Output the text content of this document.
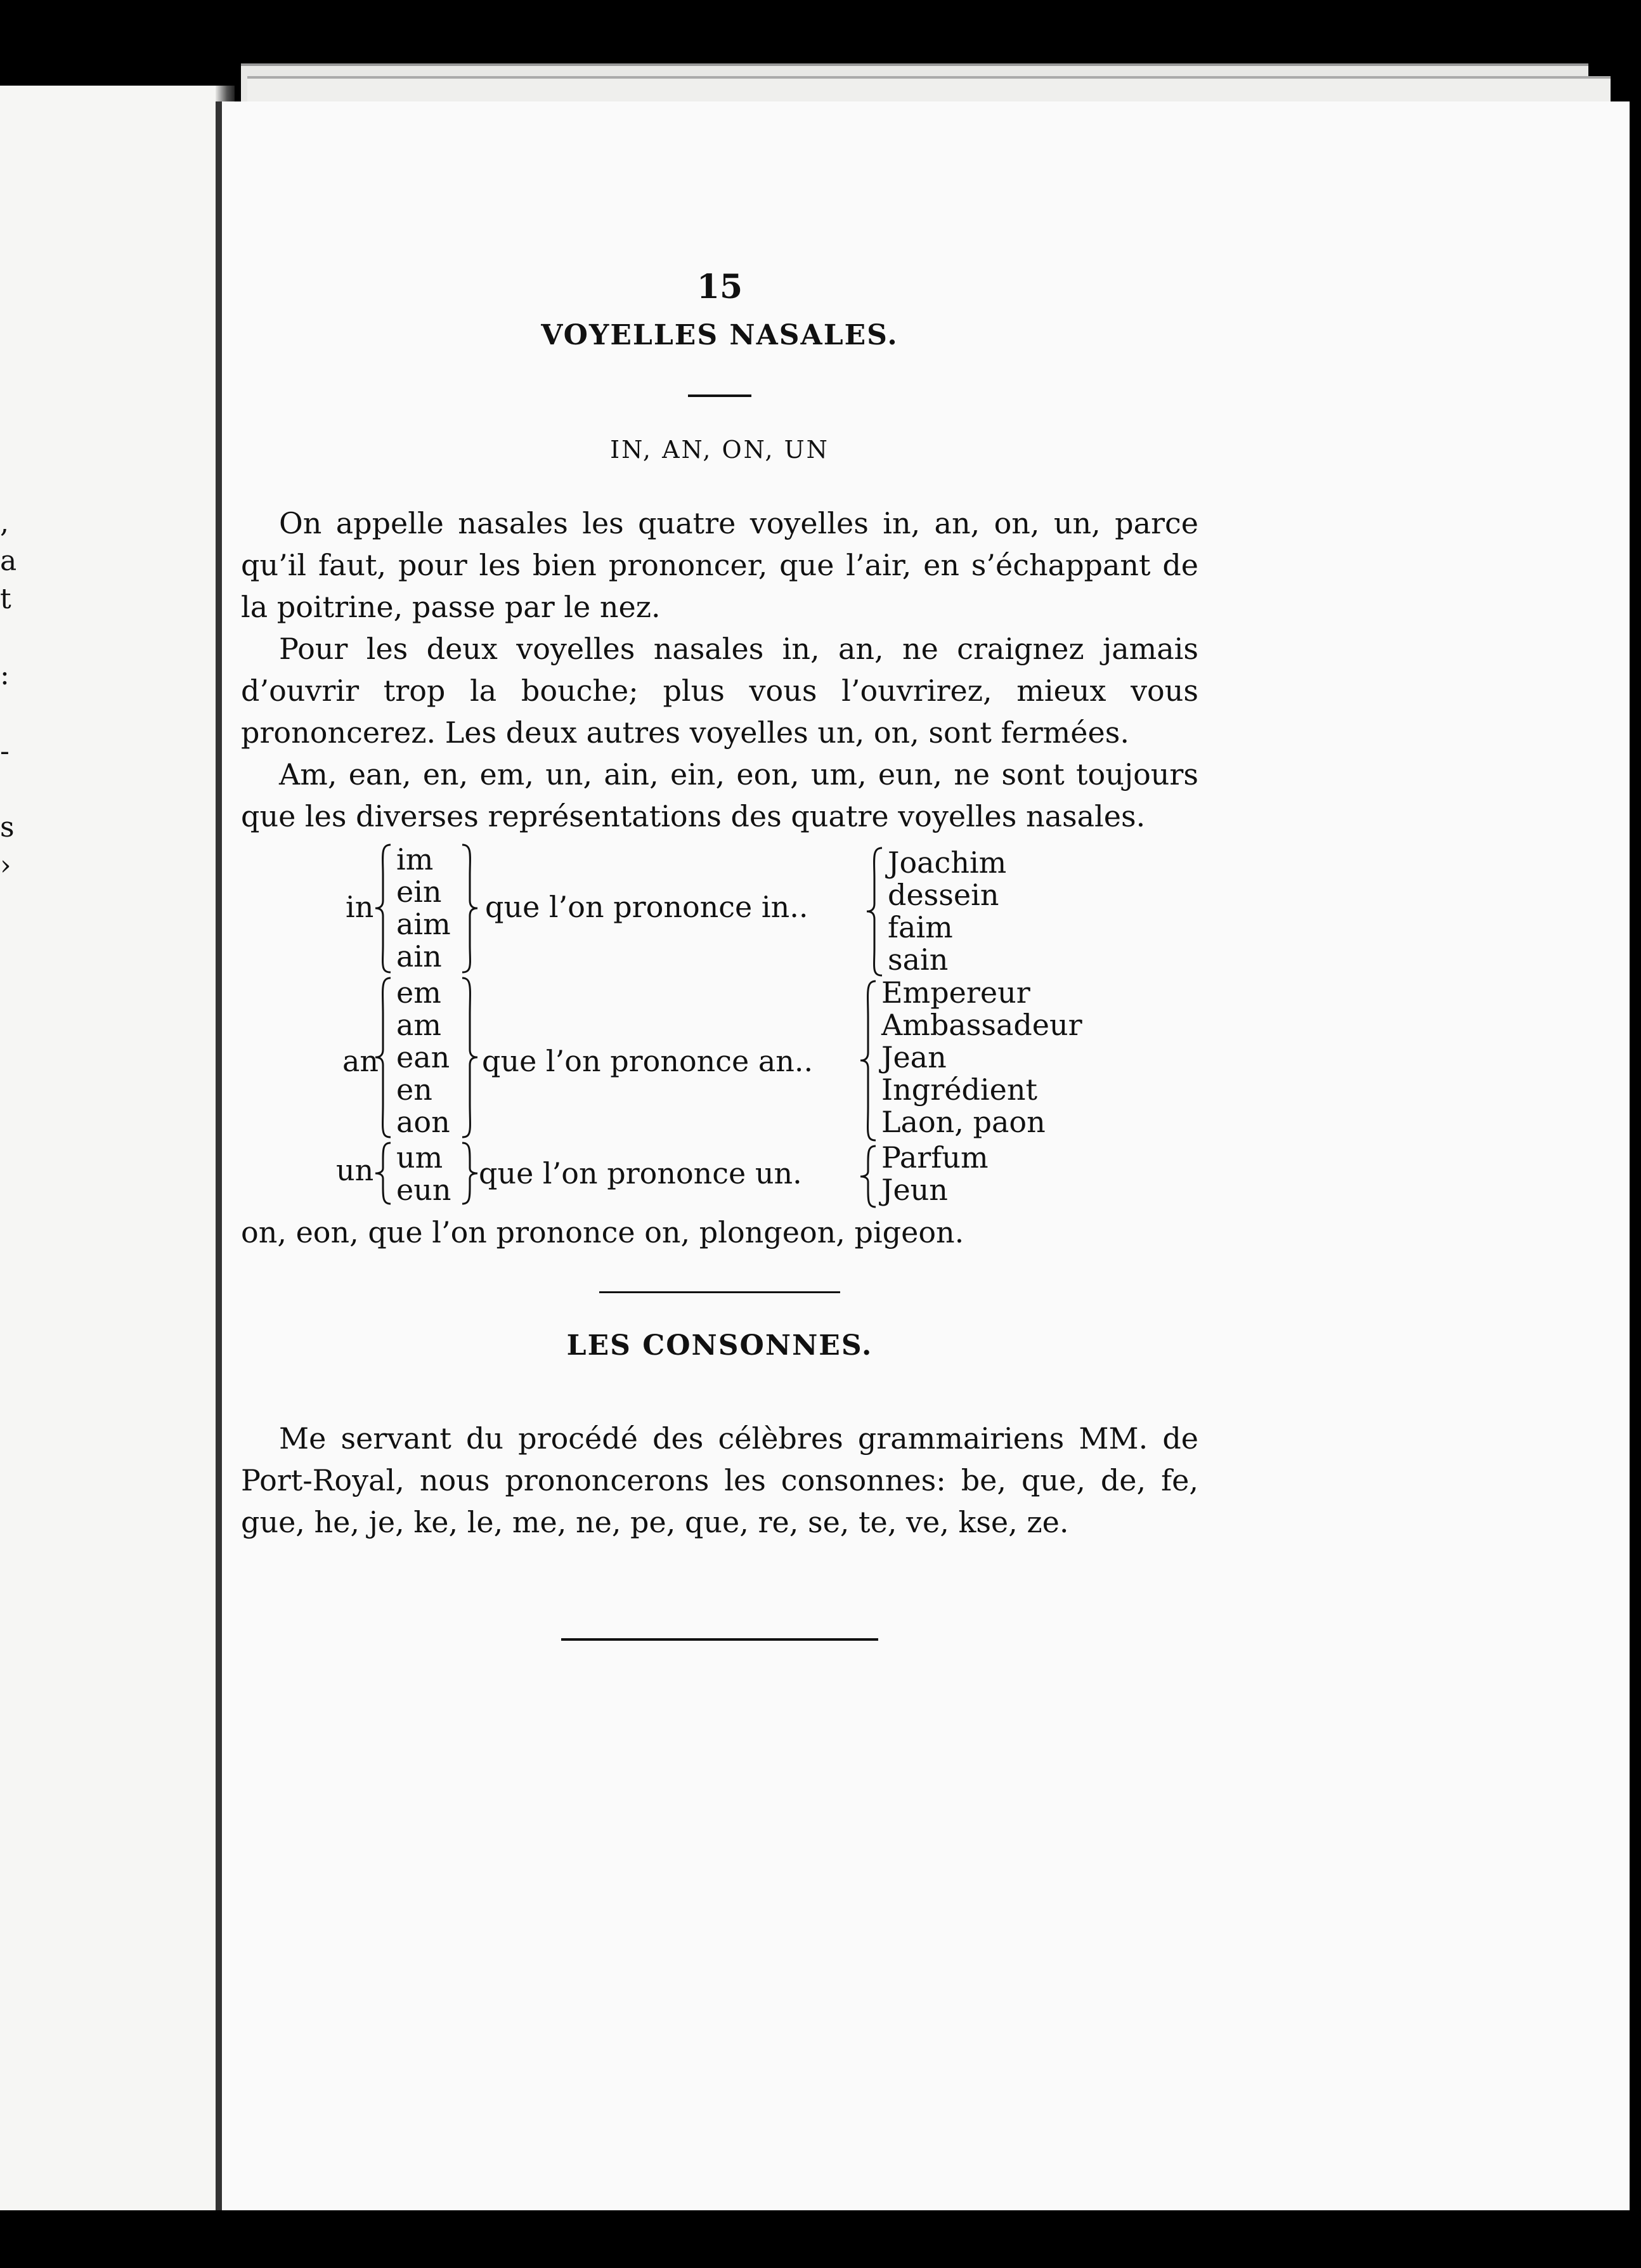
,
a
t
:
-
s
›
15
VOYELLES NASALES.
IN, AN, ON, UN

On appelle nasales les quatre voyelles in, an, on, un, parce qu’il faut, pour les bien prononcer, que l’air, en s’échappant de la poitrine, passe par le nez.

Pour les deux voyelles nasales in, an, ne craignez jamais d’ouvrir trop la bouche; plus vous l’ouvrirez, mieux vous prononcerez. Les deux autres voyelles un, on, sont fermées.

Am, ean, en, em, un, ain, ein, eon, um, eun, ne sont toujours que les diverses représentations des quatre voyelles nasales.

in
im
ein
aim
ain
que l’on prononce in..
Joachim
dessein
faim
sain
an
em
am
ean
en
aon
que l’on prononce an..
Empereur
Ambassadeur
Jean
Ingrédient
Laon, paon
un um
eun que l’on prononce un.	Parfum
Jeun
on, eon, que l’on prononce on, plongeon, pigeon.
LES CONSONNES.

Me servant du procédé des célèbres grammairiens MM. de Port-Royal, nous prononcerons les consonnes: be, que, de, fe, gue, he, je, ke, le, me, ne, pe, que, re, se, te, ve, kse, ze.
